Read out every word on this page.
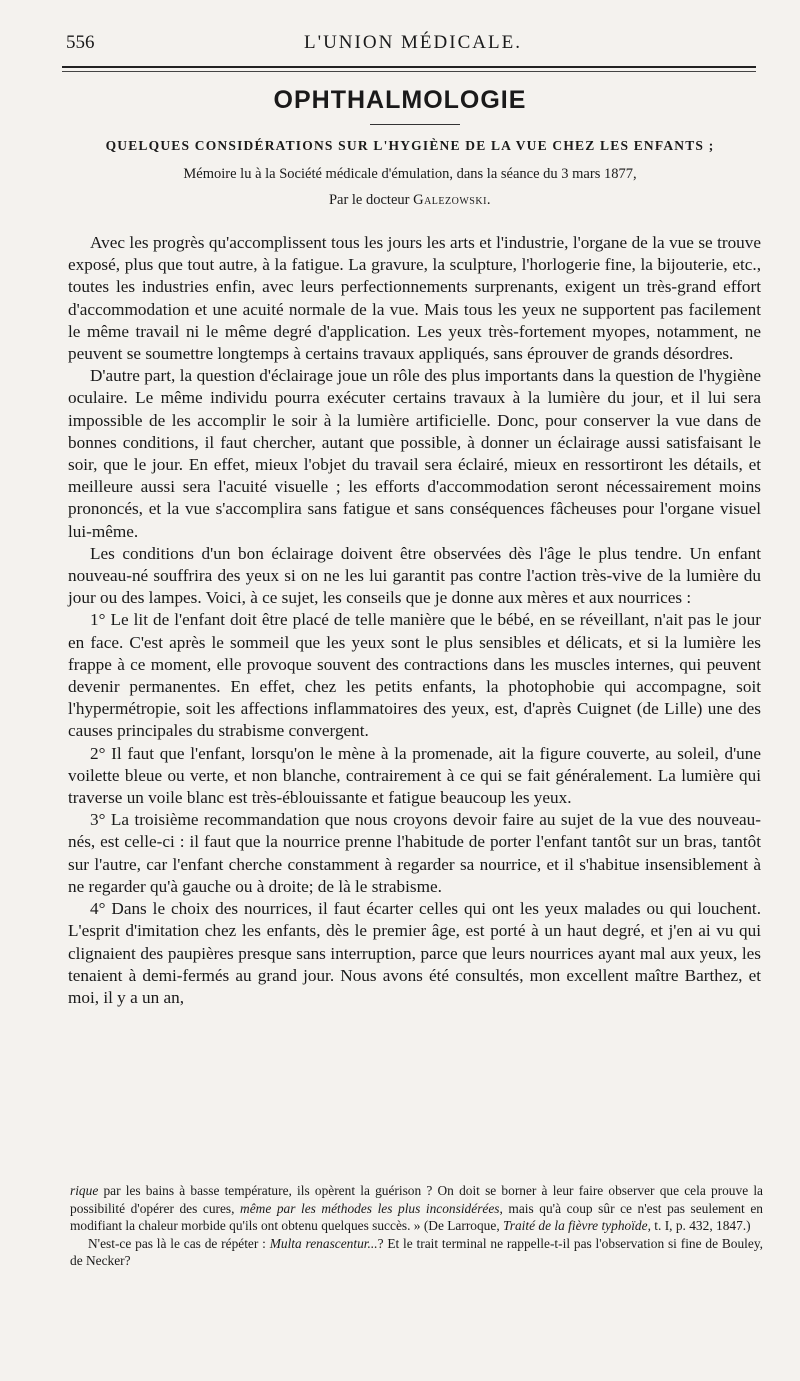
556	L'UNION MÉDICALE.
OPHTHALMOLOGIE
QUELQUES CONSIDÉRATIONS SUR L'HYGIÈNE DE LA VUE CHEZ LES ENFANTS ;
Mémoire lu à la Société médicale d'émulation, dans la séance du 3 mars 1877,
Par le docteur Galezowski.

Avec les progrès qu'accomplissent tous les jours les arts et l'industrie, l'organe de la vue se trouve exposé, plus que tout autre, à la fatigue. La gravure, la sculpture, l'horlogerie fine, la bijouterie, etc., toutes les industries enfin, avec leurs perfectionnements surprenants, exigent un très-grand effort d'accommodation et une acuité normale de la vue. Mais tous les yeux ne supportent pas facilement le même travail ni le même degré d'application. Les yeux très-fortement myopes, notamment, ne peuvent se soumettre longtemps à certains travaux appliqués, sans éprouver de grands désordres.

D'autre part, la question d'éclairage joue un rôle des plus importants dans la question de l'hygiène oculaire. Le même individu pourra exécuter certains travaux à la lumière du jour, et il lui sera impossible de les accomplir le soir à la lumière artificielle. Donc, pour conserver la vue dans de bonnes conditions, il faut chercher, autant que possible, à donner un éclairage aussi satisfaisant le soir, que le jour. En effet, mieux l'objet du travail sera éclairé, mieux en ressortiront les détails, et meilleure aussi sera l'acuité visuelle ; les efforts d'accommodation seront nécessairement moins prononcés, et la vue s'accomplira sans fatigue et sans conséquences fâcheuses pour l'organe visuel lui-même.

Les conditions d'un bon éclairage doivent être observées dès l'âge le plus tendre. Un enfant nouveau-né souffrira des yeux si on ne les lui garantit pas contre l'action très-vive de la lumière du jour ou des lampes. Voici, à ce sujet, les conseils que je donne aux mères et aux nourrices :

1° Le lit de l'enfant doit être placé de telle manière que le bébé, en se réveillant, n'ait pas le jour en face. C'est après le sommeil que les yeux sont le plus sensibles et délicats, et si la lumière les frappe à ce moment, elle provoque souvent des contractions dans les muscles internes, qui peuvent devenir permanentes. En effet, chez les petits enfants, la photophobie qui accompagne, soit l'hypermétropie, soit les affections inflammatoires des yeux, est, d'après Cuignet (de Lille) une des causes principales du strabisme convergent.

2° Il faut que l'enfant, lorsqu'on le mène à la promenade, ait la figure couverte, au soleil, d'une voilette bleue ou verte, et non blanche, contrairement à ce qui se fait généralement. La lumière qui traverse un voile blanc est très-éblouissante et fatigue beaucoup les yeux.

3° La troisième recommandation que nous croyons devoir faire au sujet de la vue des nouveau-nés, est celle-ci : il faut que la nourrice prenne l'habitude de porter l'enfant tantôt sur un bras, tantôt sur l'autre, car l'enfant cherche constamment à regarder sa nourrice, et il s'habitue insensiblement à ne regarder qu'à gauche ou à droite; de là le strabisme.

4° Dans le choix des nourrices, il faut écarter celles qui ont les yeux malades ou qui louchent. L'esprit d'imitation chez les enfants, dès le premier âge, est porté à un haut degré, et j'en ai vu qui clignaient des paupières presque sans interruption, parce que leurs nourrices ayant mal aux yeux, les tenaient à demi-fermés au grand jour. Nous avons été consultés, mon excellent maître Barthez, et moi, il y a un an,

rique par les bains à basse température, ils opèrent la guérison ? On doit se borner à leur faire observer que cela prouve la possibilité d'opérer des cures, même par les méthodes les plus inconsidérées, mais qu'à coup sûr ce n'est pas seulement en modifiant la chaleur morbide qu'ils ont obtenu quelques succès. » (De Larroque, Traité de la fièvre typhoïde, t. I, p. 432, 1847.)

N'est-ce pas là le cas de répéter : Multa renascentur...? Et le trait terminal ne rappelle-t-il pas l'observation si fine de Bouley, de Necker?
